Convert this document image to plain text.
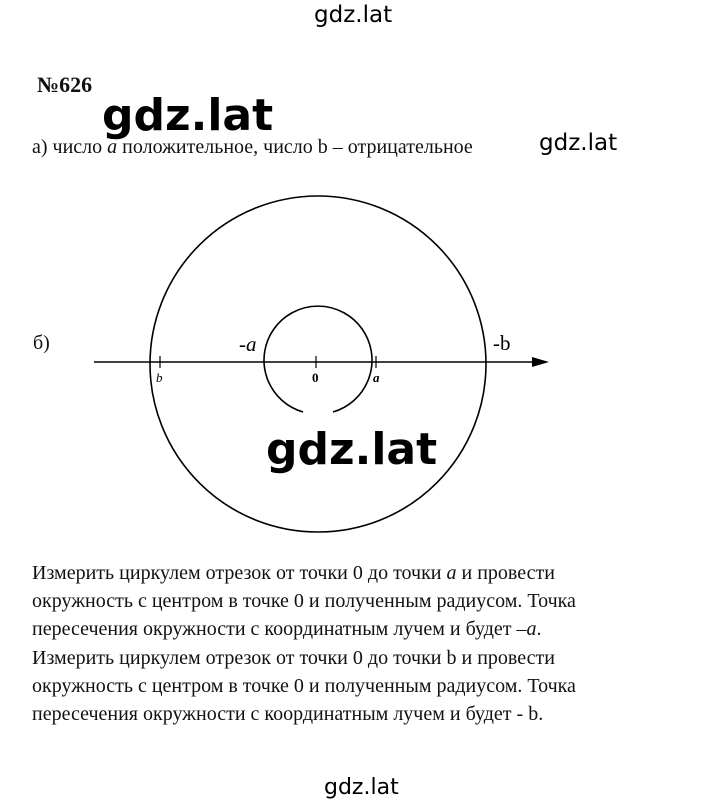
gdz.lat
№626
gdz.lat
а) число a положительное, число b – отрицательное	gdz.lat
б)
b	0	a
-a	-b
gdz.lat

Измерить циркулем отрезок от точки 0 до точки a и провести

окружность с центром в точке 0 и полученным радиусом. Точка

пересечения окружности с координатным лучем и будет –a.

Измерить циркулем отрезок от точки 0 до точки b и провести

окружность с центром в точке 0 и полученным радиусом. Точка

пересечения окружности с координатным лучем и будет - b.

gdz.lat
